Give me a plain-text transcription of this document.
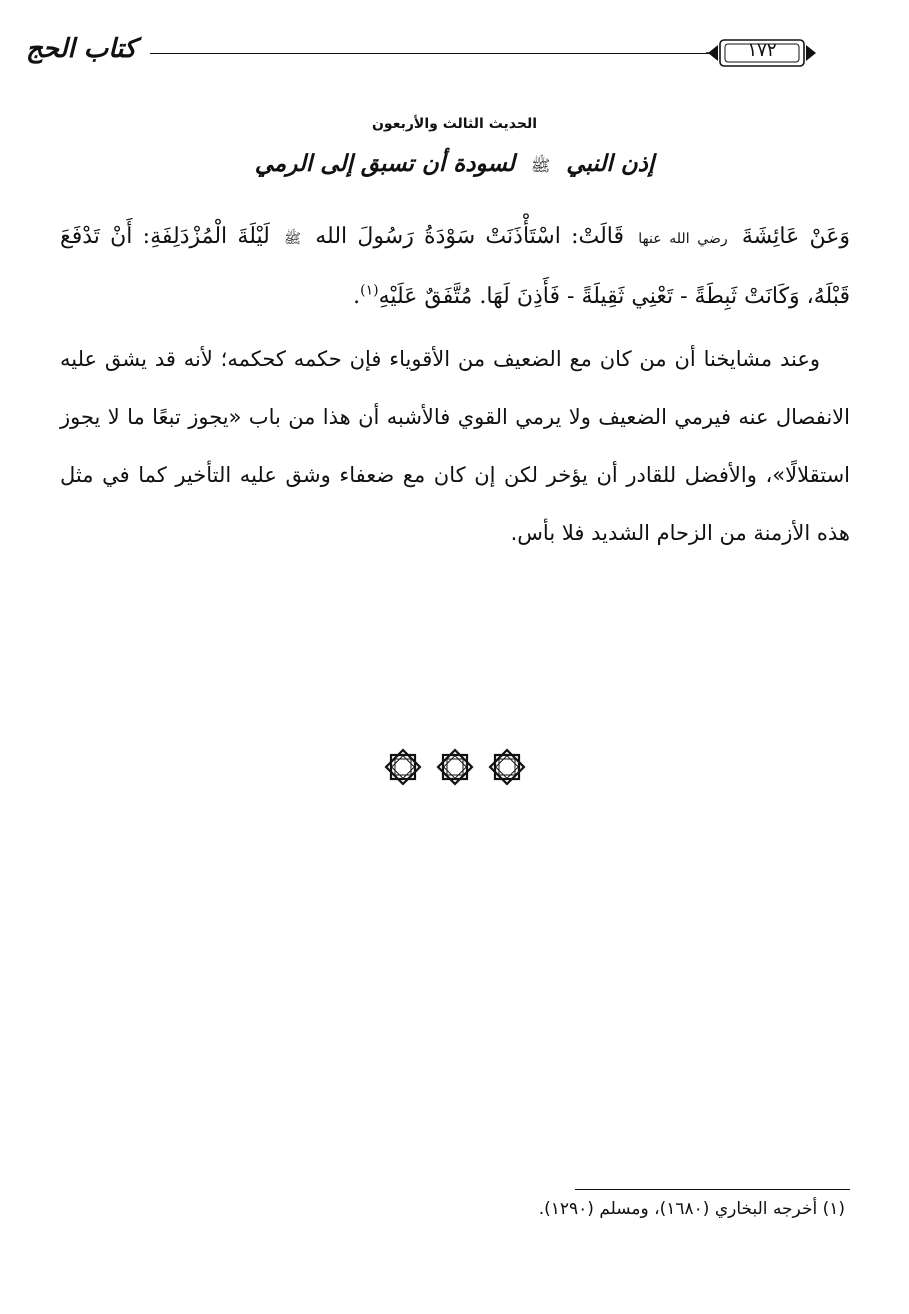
كتاب الحج	١٧٢
الحديث الثالث والأربعون
إذن النبي ﷺ لسودة أن تسبق إلى الرمي
وَعَنْ عَائِشَةَ رضي الله عنها قَالَتْ: اسْتَأْذَنَتْ سَوْدَةُ رَسُولَ الله ﷺ لَيْلَةَ الْمُزْدَلِفَةِ: أَنْ تَدْفَعَ قَبْلَهُ، وَكَانَتْ ثَبِطَةً - تَعْنِي ثَقِيلَةً - فَأَذِنَ لَهَا. مُتَّفَقٌ عَلَيْهِ$^{(١)}$.
وعند مشايخنا أن من كان مع الضعيف من الأقوياء فإن حكمه كحكمه؛ لأنه قد يشق عليه الانفصال عنه فيرمي الضعيف ولا يرمي القوي فالأشبه أن هذا من باب «يجوز تبعًا ما لا يجوز استقلالًا»، والأفضل للقادر أن يؤخر لكن إن كان مع ضعفاء وشق عليه التأخير كما في مثل هذه الأزمنة من الزحام الشديد فلا بأس.
(١) أخرجه البخاري (١٦٨٠)، ومسلم (١٢٩٠).
